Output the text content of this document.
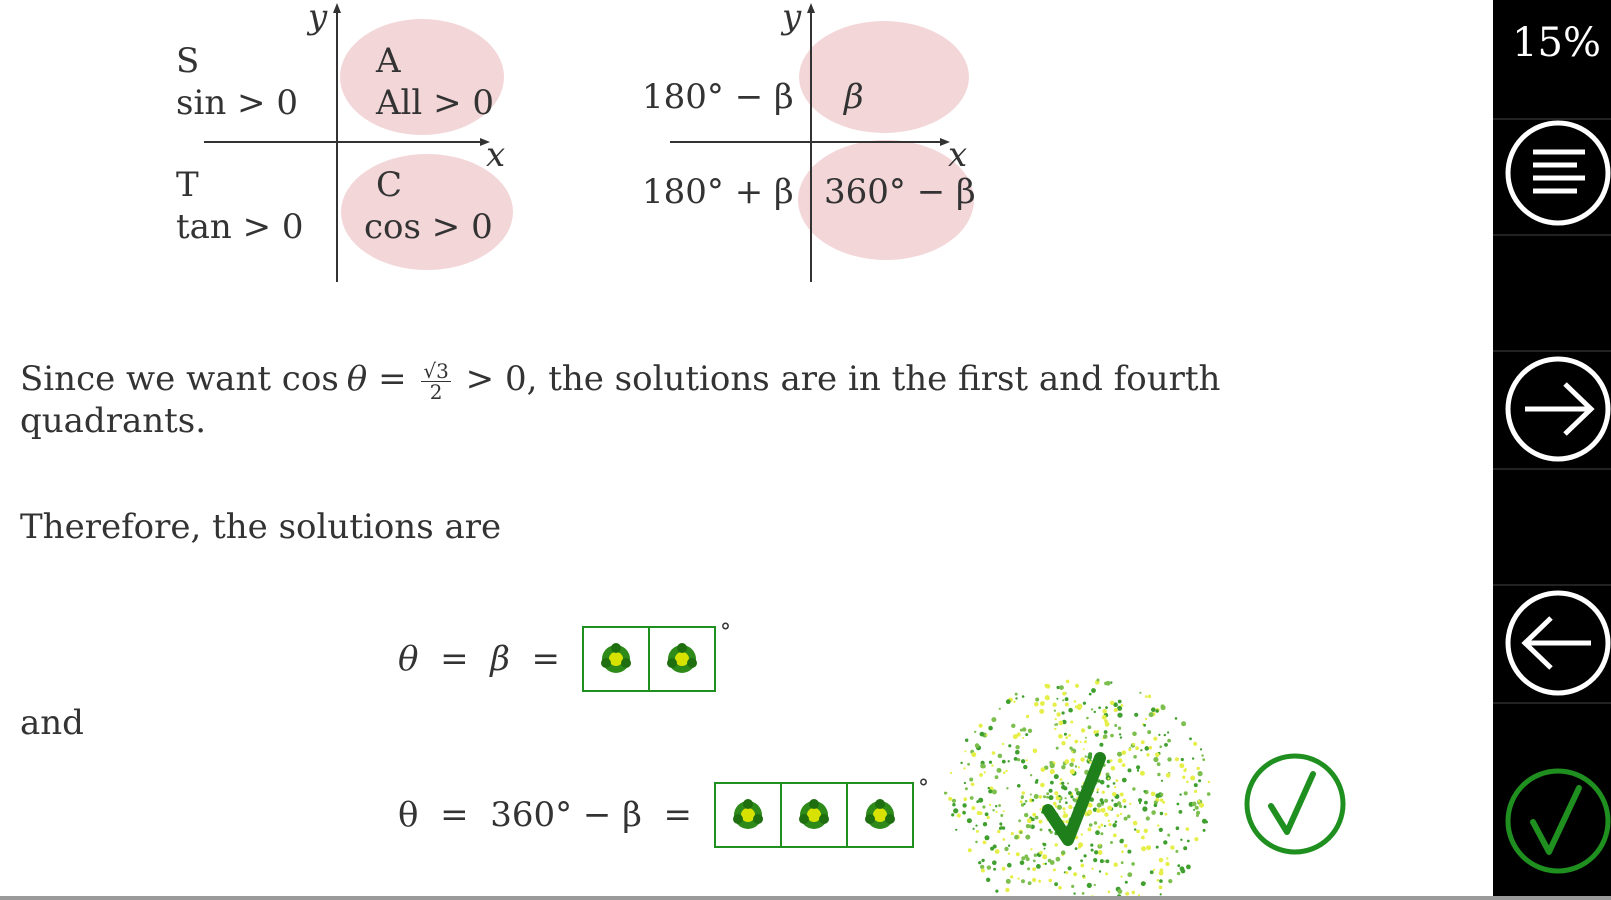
y
x
S
sin > 0
A
All > 0
T
tan > 0
C
cos > 0
y
x
180° − β β
180° + β 360° − β
Since we want $\cos \theta = \frac{√3}{2} > 0$, the solutions are in the first and fourth
quadrants.
Therefore, the solutions are
θ  =  β  =
°
and
θ  =  360° − β  =
°
15%
